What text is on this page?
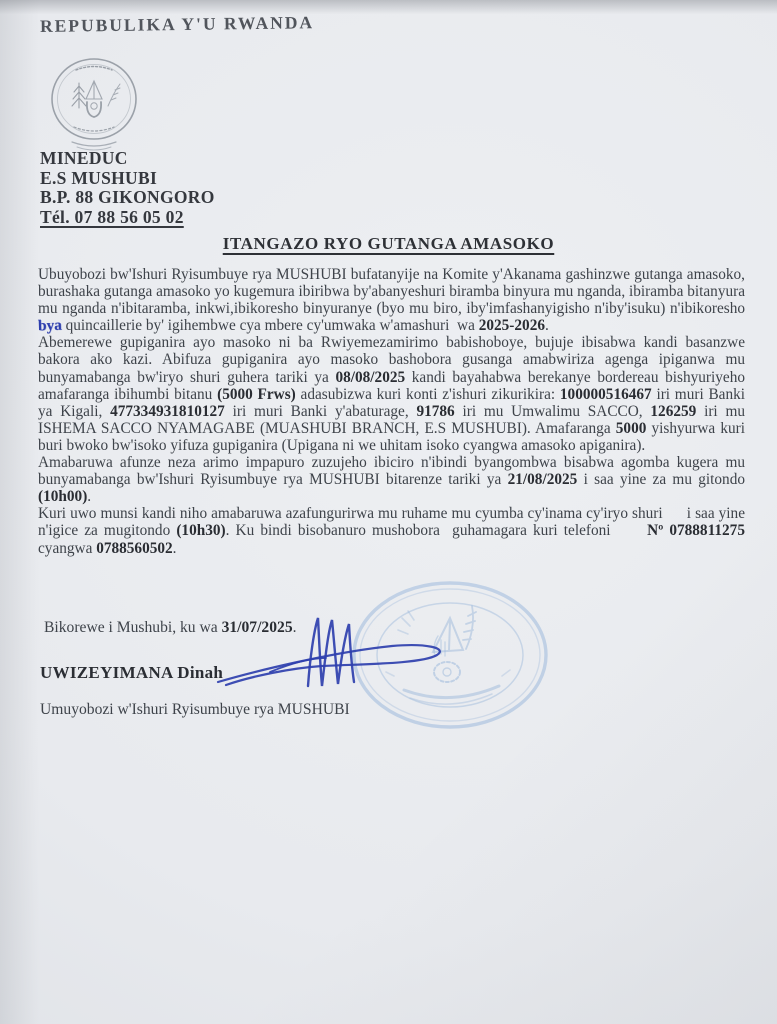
REPUBULIKA Y'U RWANDA
MINEDUC
E.S MUSHUBI
B.P. 88 GIKONGORO
Tél. 07 88 56 05 02
ITANGAZO RYO GUTANGA AMASOKO

Ubuyobozi bw'Ishuri Ryisumbuye rya MUSHUBI bufatanyije na Komite y'Akanama gashinzwe gutanga amasoko, burashaka gutanga amasoko yo kugemura ibiribwa by'abanyeshuri biramba binyura mu nganda, ibiramba bitanyura mu nganda n'ibitaramba, inkwi,ibikoresho binyuranye (byo mu biro, iby'imfashanyigisho n'iby'isuku) n'ibikoreshobya quincaillerie by' igihembwe cya mbere cy'umwaka w'amashuri  wa 2025-2026.

Abemerewe gupiganira ayo masoko ni ba Rwiyemezamirimo babishoboye, bujuje ibisabwa kandi basanzwe bakora ako kazi. Abifuza gupiganira ayo masoko bashobora gusanga amabwiriza agenga ipiganwa mu bunyamabanga bw'iryo shuri guhera tariki ya 08/08/2025 kandi bayahabwa berekanye bordereau bishyuriyeho amafaranga ibihumbi bitanu (5000 Frws) adasubizwa kuri konti z'ishuri zikurikira: 100000516467 iri muri Banki ya Kigali, 477334931810127 iri muri Banki y'abaturage, 91786 iri mu Umwalimu SACCO, 126259 iri mu ISHEMA SACCO NYAMAGABE (MUASHUBI BRANCH, E.S MUSHUBI). Amafaranga 5000 yishyurwa kuri buri bwoko bw'isoko yifuza gupiganira (Upigana ni we uhitam isoko cyangwa amasoko apiganira).

Amabaruwa afunze neza arimo impapuro zuzujeho ibiciro n'ibindi byangombwa bisabwa agomba kugera mu bunyamabanga bw'Ishuri Ryisumbuye rya MUSHUBI bitarenze tariki ya 21/08/2025 i saa yine za mu gitondo (10h00).

Kuri uwo munsi kandi niho amabaruwa azafungurirwa mu ruhame mu cyumba cy'inama cy'iryo shuri      i saa yine n'igice za mugitondo (10h30). Ku bindi bisobanuro mushobora  guhamagara kuri telefoni      Nº 0788811275 cyangwa 0788560502.

Bikorewe i Mushubi, ku wa 31/07/2025.
UWIZEYIMANA Dinah
Umuyobozi w'Ishuri Ryisumbuye rya MUSHUBI
